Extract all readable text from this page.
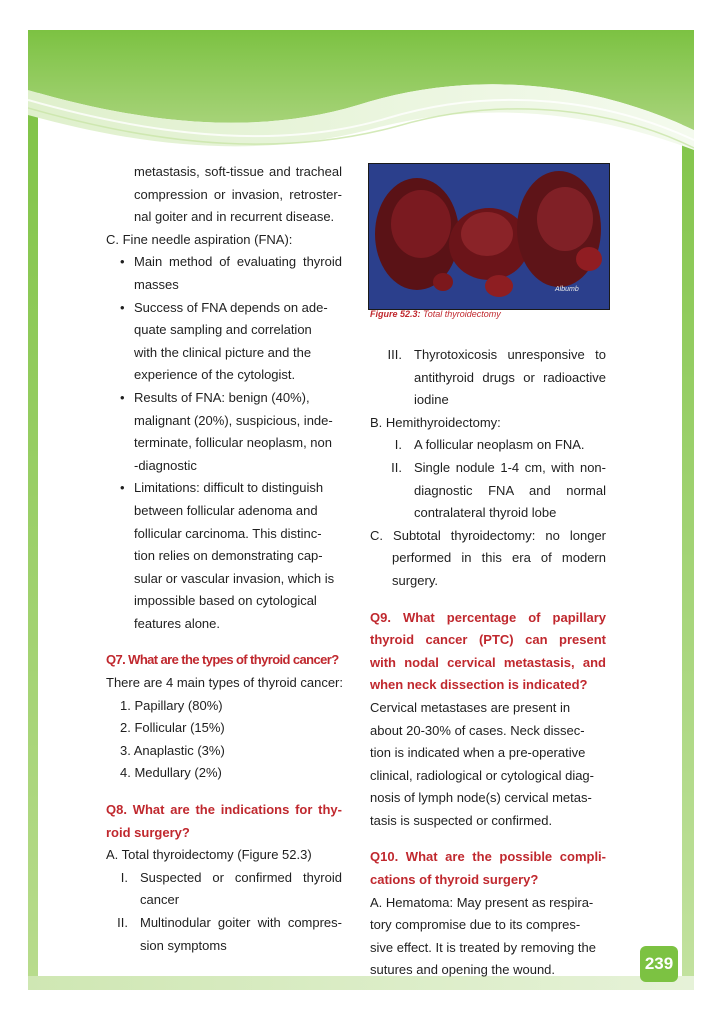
Albumb
Figure 52.3: Total thyroidectomy
metastasis, soft-tissue and tracheal
compression or invasion, retroster-
nal goiter and in recurrent disease.
C. Fine needle aspiration (FNA):
• Main method of evaluating thyroid
masses
• Success of FNA depends on ade-
quate sampling and correlation
with the clinical picture and the
experience of the cytologist.
• Results of FNA: benign (40%),
malignant (20%), suspicious, inde-
terminate, follicular neoplasm, non
-diagnostic
• Limitations: difficult to distinguish
between follicular adenoma and
follicular carcinoma. This distinc-
tion relies on demonstrating cap-
sular or vascular invasion, which is
impossible based on cytological
features alone.
Q7. What are the types of thyroid cancer?
There are 4 main types of thyroid cancer:
1. Papillary (80%)
2. Follicular (15%)
3. Anaplastic (3%)
4. Medullary (2%)
Q8. What are the indications for thy-
roid surgery?
A. Total thyroidectomy (Figure 52.3)
I. Suspected or confirmed thyroid
cancer
II. Multinodular goiter with compres-
sion symptoms
III. Thyrotoxicosis unresponsive to
antithyroid drugs or radioactive
iodine
B. Hemithyroidectomy:
I. A follicular neoplasm on FNA.
II. Single nodule 1-4 cm, with non-
diagnostic FNA and normal
contralateral thyroid lobe
C. Subtotal thyroidectomy: no longer
performed in this era of modern
surgery.
Q9. What percentage of papillary
thyroid cancer (PTC) can present
with nodal cervical metastasis, and
when neck dissection is indicated?
Cervical metastases are present in
about 20-30% of cases. Neck dissec-
tion is indicated when a pre-operative
clinical, radiological or cytological diag-
nosis of lymph node(s) cervical metas-
tasis is suspected or confirmed.
Q10. What are the possible compli-
cations of thyroid surgery?
A. Hematoma: May present as respira-
tory compromise due to its compres-
sive effect. It is treated by removing the
sutures and opening the wound.	239
